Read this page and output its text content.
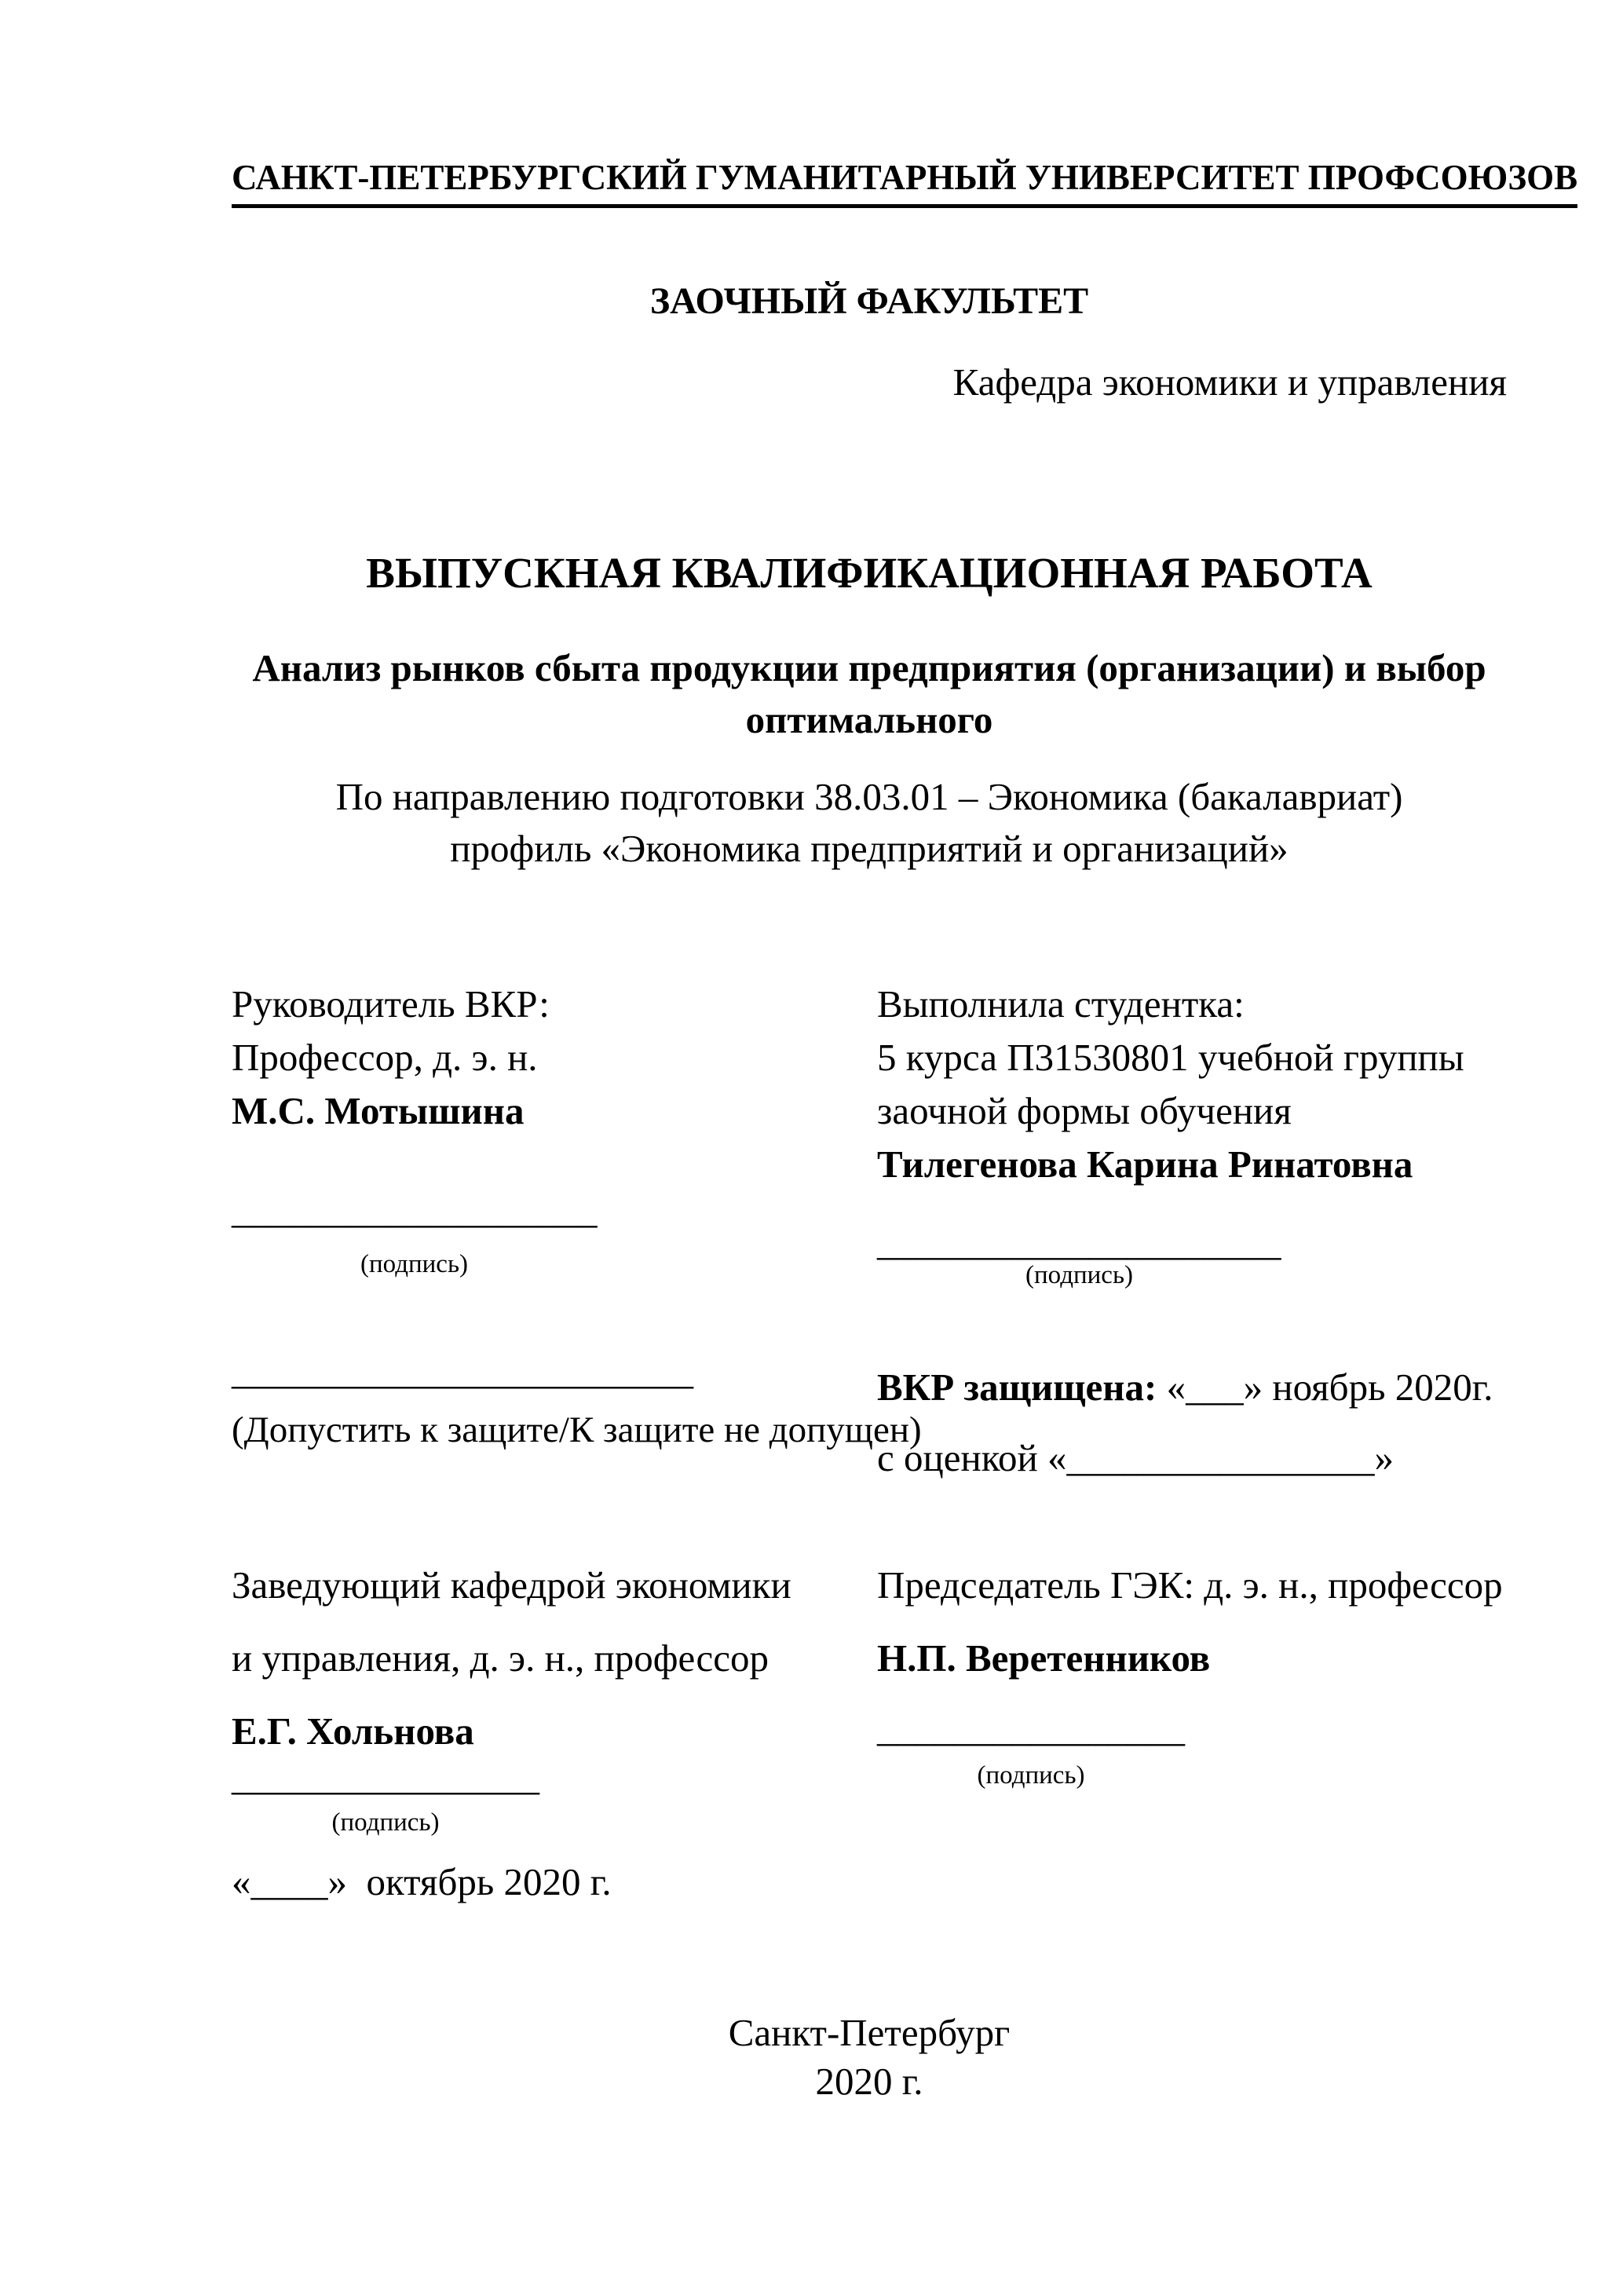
САНКТ-ПЕТЕРБУРГСКИЙ ГУМАНИТАРНЫЙ УНИВЕРСИТЕТ ПРОФСОЮЗОВ
ЗАОЧНЫЙ ФАКУЛЬТЕТ
Кафедра экономики и управления
ВЫПУСКНАЯ КВАЛИФИКАЦИОННАЯ РАБОТА
Анализ рынков сбыта продукции предприятия (организации) и выбор оптимального
По направлению подготовки 38.03.01 – Экономика (бакалавриат)
профиль «Экономика предприятий и организаций»
Руководитель ВКР:
Профессор, д. э. н.
М.С. Мотышина
___________________
(подпись)
Выполнила студентка:
5 курса П31530801 учебной группы
заочной формы обучения
Тилегенова Карина Ринатовна
_____________________
(подпись)
________________________
(Допустить к защите/К защите не допущен)
ВКР защищена: «___» ноябрь 2020г.
с оценкой «________________»
Заведующий кафедрой экономики
и управления, д. э. н., профессор
Е.Г. Хольнова
________________
(подпись)
«____»  октябрь 2020 г.
Председатель ГЭК: д. э. н., профессор
Н.П. Веретенников
________________
(подпись)
Санкт-Петербург
2020 г.
